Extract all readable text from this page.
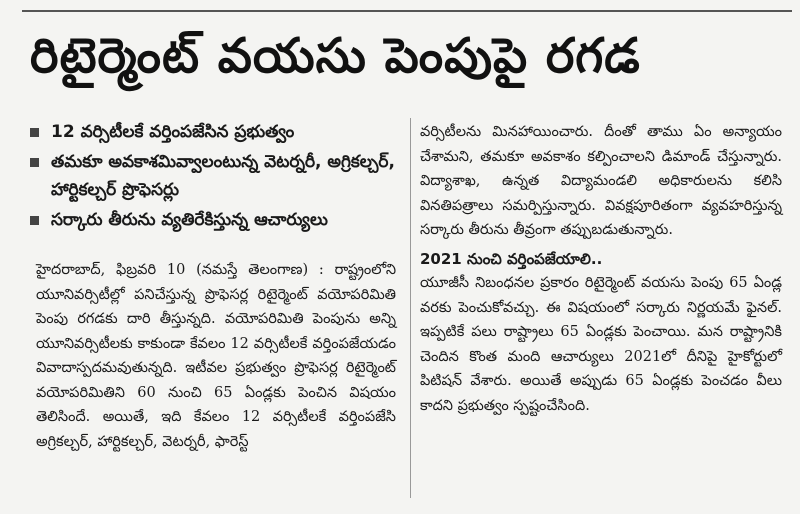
రిటైర్మెంట్ వయసు పెంపుపై రగడ
12 వర్సిటీలకే వర్తింపజేసిన ప్రభుత్వం
తమకూ అవకాశమివ్వాలంటున్న వెటర్నరీ, అగ్రికల్చర్, హార్టికల్చర్ ప్రొఫెసర్లు
సర్కారు తీరును వ్యతిరేకిస్తున్న ఆచార్యులు

హైదరాబాద్, ఫిబ్రవరి 10 (నమస్తే తెలంగాణ) : రాష్ట్రంలోని యూనివర్సిటీల్లో పనిచేస్తున్న ప్రొఫెసర్ల రిటైర్మెంట్ వయోపరిమితి పెంపు రగడకు దారి తీస్తున్నది. వయోపరిమితి పెంపును అన్ని యూనివర్సిటీలకు కాకుండా కేవలం 12 వర్సిటీలకే వర్తింపజేయడం వివాదాస్పదమవుతున్నది. ఇటీవల ప్రభుత్వం ప్రొఫెసర్ల రిటైర్మెంట్ వయోపరిమితిని 60 నుంచి 65 ఏండ్లకు పెంచిన విషయం తెలిసిందే. అయితే, ఇది కేవలం 12 వర్సిటీలకే వర్తింపజేసి అగ్రికల్చర్, హార్టికల్చర్, వెటర్నరీ, ఫారెస్ట్

వర్సిటీలను మినహాయించారు. దీంతో తాము ఏం అన్యాయం చేశామని, తమకూ అవకాశం కల్పించాలని డిమాండ్ చేస్తున్నారు. విద్యాశాఖ, ఉన్నత విద్యామండలి అధికారులను కలిసి వినతిపత్రాలు సమర్పిస్తున్నారు. వివక్షపూరితంగా వ్యవహరిస్తున్న సర్కారు తీరును తీవ్రంగా తప్పుబడుతున్నారు.

2021 నుంచి వర్తింపజేయాలి..

యూజీసీ నిబంధనల ప్రకారం రిటైర్మెంట్ వయసు పెంపు 65 ఏండ్ల వరకు పెంచుకోవచ్చు. ఈ విషయంలో సర్కారు నిర్ణయమే ఫైనల్. ఇప్పటికే పలు రాష్ట్రాలు 65 ఏండ్లకు పెంచాయి. మన రాష్ట్రానికి చెందిన కొంత మంది ఆచార్యులు 2021లో దీనిపై హైకోర్టులో పిటిషన్ వేశారు. అయితే అప్పుడు 65 ఏండ్లకు పెంచడం వీలు కాదని ప్రభుత్వం స్పష్టంచేసింది.
